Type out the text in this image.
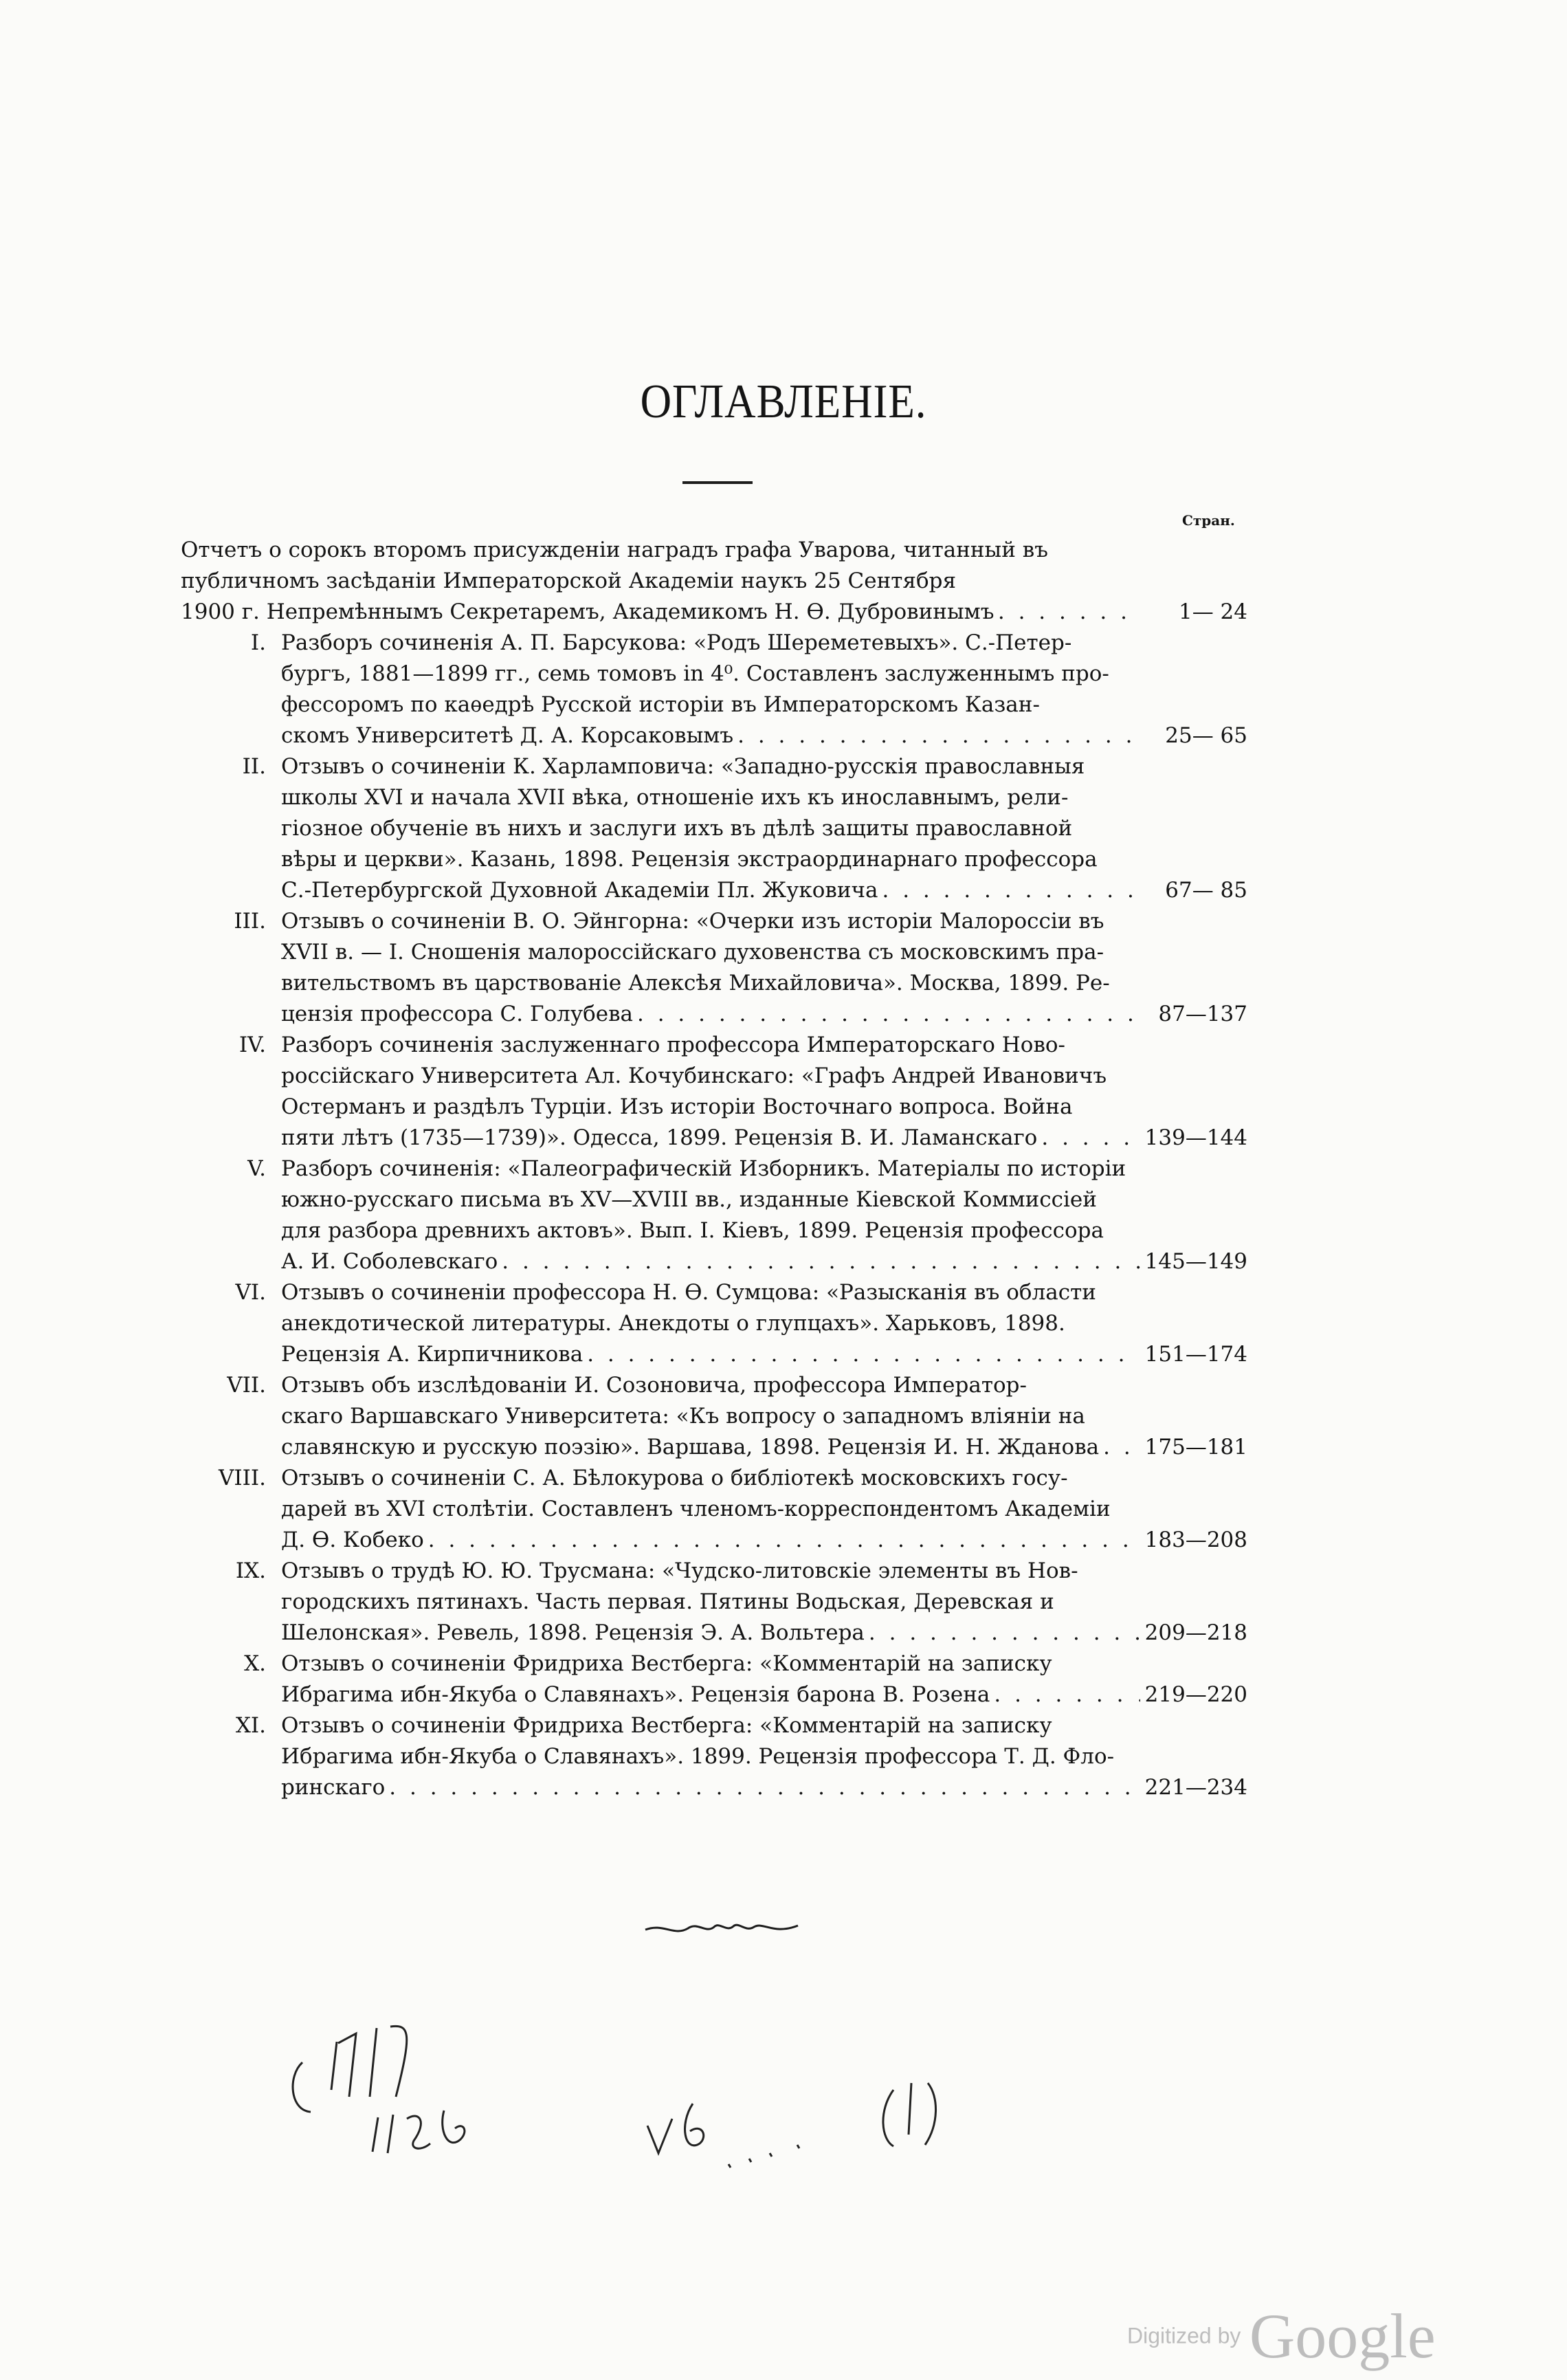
ОГЛАВЛЕНІЕ.
Стран.
Отчетъ о сорокъ второмъ присужденіи наградъ графа Уварова, читанный въ
публичномъ засѣданіи Императорской Академіи наукъ 25 Сентября
1900 г. Непремѣннымъ Секретаремъ, Академикомъ Н. Ѳ. Дубровинымъ . . .	1— 24
I. Разборъ сочиненія А. П. Барсукова: «Родъ Шереметевыхъ». С.-Петер-
бургъ, 1881—1899 гг., семь томовъ in 4⁰. Составленъ заслуженнымъ про-
фессоромъ по каѳедрѣ Русской исторіи въ Императорскомъ Казан-
скомъ Университетѣ Д. А. Корсаковымъ . . .	25— 65
II. Отзывъ о сочиненіи К. Харламповича: «Западно-русскія православныя
школы XVI и начала XVII вѣка, отношеніе ихъ къ инославнымъ, рели-
гіозное обученіе въ нихъ и заслуги ихъ въ дѣлѣ защиты православной
вѣры и церкви». Казань, 1898. Рецензія экстраординарнаго профессора
С.-Петербургской Духовной Академіи Пл. Жуковича . . .	67— 85
III. Отзывъ о сочиненіи В. О. Эйнгорна: «Очерки изъ исторіи Малороссіи въ
XVII в. — I. Сношенія малороссійскаго духовенства съ московскимъ пра-
вительствомъ въ царствованіе Алексѣя Михайловича». Москва, 1899. Ре-
цензія профессора С. Голубева . . .	87—137
IV. Разборъ сочиненія заслуженнаго профессора Императорскаго Ново-
россійскаго Университета Ал. Кочубинскаго: «Графъ Андрей Ивановичъ
Остерманъ и раздѣлъ Турціи. Изъ исторіи Восточнаго вопроса. Война
пяти лѣтъ (1735—1739)». Одесса, 1899. Рецензія В. И. Ламанскаго . . .	139—144
V. Разборъ сочиненія: «Палеографическій Изборникъ. Матеріалы по исторіи
южно-русскаго письма въ XV—XVIII вв., изданные Кіевской Коммиссіей
для разбора древнихъ актовъ». Вып. I. Кіевъ, 1899. Рецензія профессора
А. И. Соболевскаго . . .	145—149
VI. Отзывъ о сочиненіи профессора Н. Ѳ. Сумцова: «Разысканія въ области
анекдотической литературы. Анекдоты о глупцахъ». Харьковъ, 1898.
Рецензія А. Кирпичникова . . .	151—174
VII. Отзывъ объ изслѣдованіи И. Созоновича, профессора Император-
скаго Варшавскаго Университета: «Къ вопросу о западномъ вліяніи на
славянскую и русскую поэзію». Варшава, 1898. Рецензія И. Н. Жданова . . . 175—181
VIII. Отзывъ о сочиненіи С. А. Бѣлокурова о библіотекѣ московскихъ госу-
дарей въ XVI столѣтіи. Составленъ членомъ-корреспондентомъ Академіи
Д. Ѳ. Кобеко . . .	183—208
IX. Отзывъ о трудѣ Ю. Ю. Трусмана: «Чудско-литовскіе элементы въ Нов-
городскихъ пятинахъ. Часть первая. Пятины Водьская, Деревская и
Шелонская». Ревель, 1898. Рецензія Э. А. Вольтера . . .	209—218
X. Отзывъ о сочиненіи Фридриха Вестберга: «Комментарій на записку
Ибрагима ибн-Якуба о Славянахъ». Рецензія барона В. Розена . . .	219—220
XI. Отзывъ о сочиненіи Фридриха Вестберга: «Комментарій на записку
Ибрагима ибн-Якуба о Славянахъ». 1899. Рецензія профессора Т. Д. Фло-
ринскаго . . .	221—234
Digitized by Google
